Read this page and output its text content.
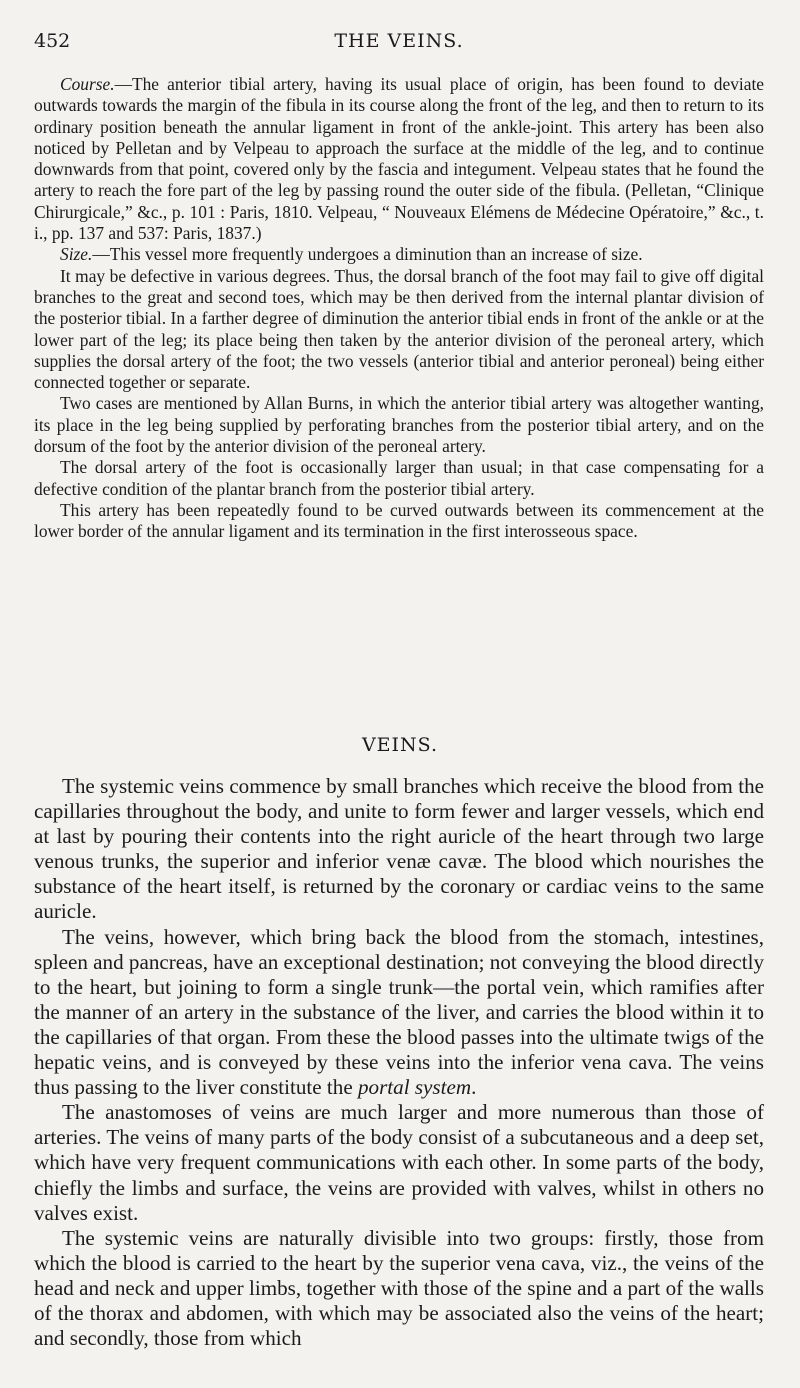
452	THE VEINS.

Course.—The anterior tibial artery, having its usual place of origin, has been found to deviate outwards towards the margin of the fibula in its course along the front of the leg, and then to return to its ordinary position beneath the annular ligament in front of the ankle-joint. This artery has been also noticed by Pelletan and by Velpeau to approach the surface at the middle of the leg, and to continue downwards from that point, covered only by the fascia and integument. Velpeau states that he found the artery to reach the fore part of the leg by passing round the outer side of the fibula. (Pelletan, “Clinique Chirurgicale,” &c., p. 101 : Paris, 1810. Velpeau, “ Nouveaux Elémens de Médecine Opératoire,” &c., t. i., pp. 137 and 537: Paris, 1837.)

Size.—This vessel more frequently undergoes a diminution than an increase of size.

It may be defective in various degrees. Thus, the dorsal branch of the foot may fail to give off digital branches to the great and second toes, which may be then derived from the internal plantar division of the posterior tibial. In a farther degree of diminution the anterior tibial ends in front of the ankle or at the lower part of the leg; its place being then taken by the anterior division of the peroneal artery, which supplies the dorsal artery of the foot; the two vessels (anterior tibial and anterior peroneal) being either connected together or separate.

Two cases are mentioned by Allan Burns, in which the anterior tibial artery was altogether wanting, its place in the leg being supplied by perforating branches from the posterior tibial artery, and on the dorsum of the foot by the anterior division of the peroneal artery.

The dorsal artery of the foot is occasionally larger than usual; in that case compensating for a defective condition of the plantar branch from the posterior tibial artery.

This artery has been repeatedly found to be curved outwards between its commencement at the lower border of the annular ligament and its termination in the first interosseous space.

VEINS.

The systemic veins commence by small branches which receive the blood from the capillaries throughout the body, and unite to form fewer and larger vessels, which end at last by pouring their contents into the right auricle of the heart through two large venous trunks, the superior and inferior venæ cavæ. The blood which nourishes the substance of the heart itself, is returned by the coronary or cardiac veins to the same auricle.

The veins, however, which bring back the blood from the stomach, intestines, spleen and pancreas, have an exceptional destination; not conveying the blood directly to the heart, but joining to form a single trunk—the portal vein, which ramifies after the manner of an artery in the substance of the liver, and carries the blood within it to the capillaries of that organ. From these the blood passes into the ultimate twigs of the hepatic veins, and is conveyed by these veins into the inferior vena cava. The veins thus passing to the liver constitute the portal system.

The anastomoses of veins are much larger and more numerous than those of arteries. The veins of many parts of the body consist of a subcutaneous and a deep set, which have very frequent communications with each other. In some parts of the body, chiefly the limbs and surface, the veins are provided with valves, whilst in others no valves exist.

The systemic veins are naturally divisible into two groups: firstly, those from which the blood is carried to the heart by the superior vena cava, viz., the veins of the head and neck and upper limbs, together with those of the spine and a part of the walls of the thorax and abdomen, with which may be associated also the veins of the heart; and secondly, those from which
